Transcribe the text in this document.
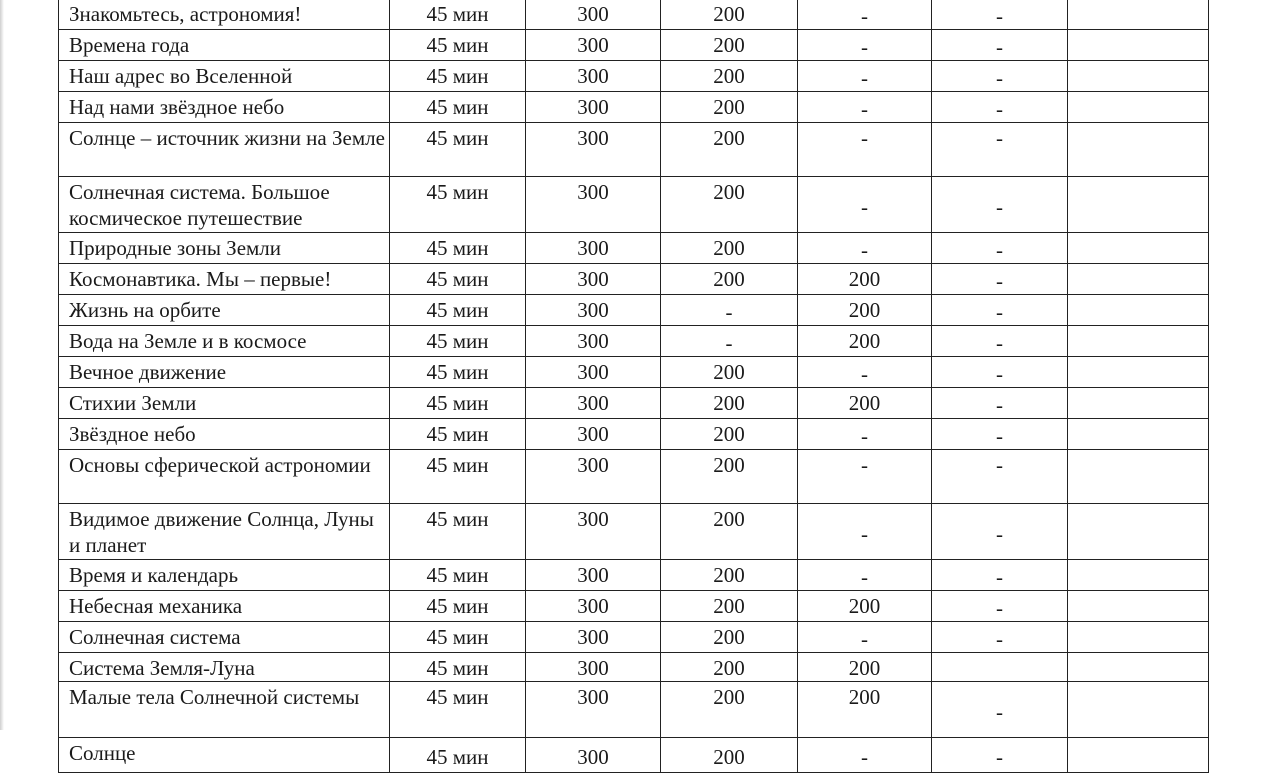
Знакомьтесь, астрономия!	45 мин	300	200	-	-	
Времена года	45 мин	300	200	-	-	
Наш адрес во Вселенной	45 мин	300	200	-	-	
Над нами звёздное небо	45 мин	300	200	-	-	
Солнце – источник жизни на Земле	45 мин	300	200	-	-	
Солнечная система. Большое космическое путешествие	45 мин	300	200	-	-	
Природные зоны Земли	45 мин	300	200	-	-	
Космонавтика. Мы – первые!	45 мин	300	200	200	-	
Жизнь на орбите	45 мин	300	-	200	-	
Вода на Земле и в космосе	45 мин	300	-	200	-	
Вечное движение	45 мин	300	200	-	-	
Стихии Земли	45 мин	300	200	200	-	
Звёздное небо	45 мин	300	200	-	-	
Основы сферической астрономии	45 мин	300	200	-	-	
Видимое движение Солнца, Луны и планет	45 мин	300	200	-	-	
Время и календарь	45 мин	300	200	-	-	
Небесная механика	45 мин	300	200	200	-	
Солнечная система	45 мин	300	200	-	-	
Система Земля-Луна	45 мин	300	200	200		
Малые тела Солнечной системы	45 мин	300	200	200	-	
Солнце	45 мин	300	200	-	-	
